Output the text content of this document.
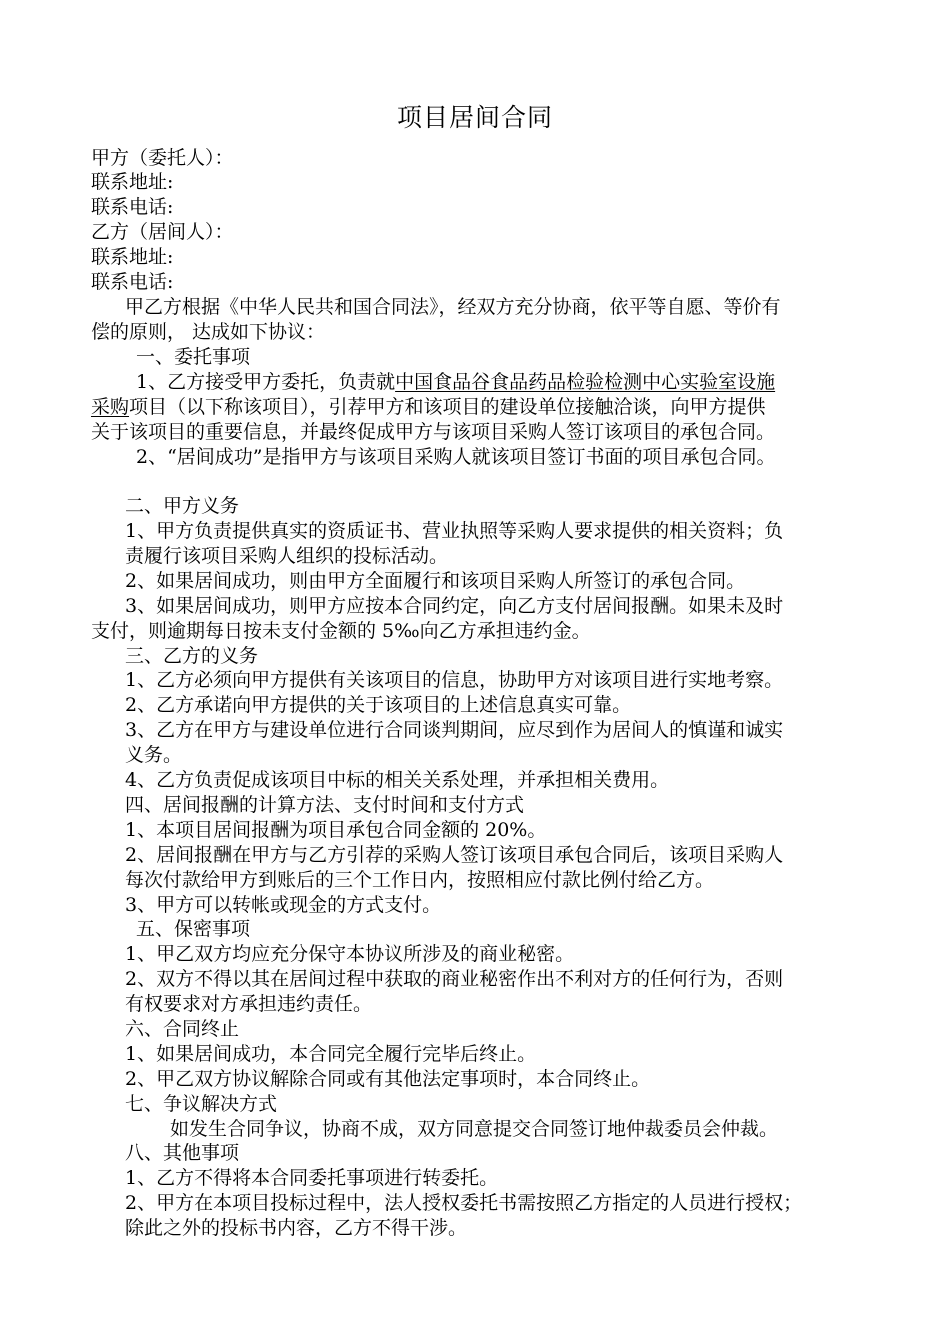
项目居间合同
甲方（委托人）：
联系地址:
联系电话:
乙方（居间人）：
联系地址:
联系电话:
甲乙方根据《中华人民共和国合同法》，经双方充分协商，依平等自愿、等价有
偿的原则， 达成如下协议：
一、委托事项
1、乙方接受甲方委托，负责就中国食品谷食品药品检验检测中心实验室设施
采购项目（以下称该项目），引荐甲方和该项目的建设单位接触洽谈，向甲方提供
关于该项目的重要信息，并最终促成甲方与该项目采购人签订该项目的承包合同。
2、“居间成功”是指甲方与该项目采购人就该项目签订书面的项目承包合同。
二、甲方义务
1、甲方负责提供真实的资质证书、营业执照等采购人要求提供的相关资料；负
责履行该项目采购人组织的投标活动。
2、如果居间成功，则由甲方全面履行和该项目采购人所签订的承包合同。
3、如果居间成功，则甲方应按本合同约定，向乙方支付居间报酬。如果未及时
支付，则逾期每日按未支付金额的 5‰向乙方承担违约金。
三、乙方的义务
1、乙方必须向甲方提供有关该项目的信息，协助甲方对该项目进行实地考察。
2、乙方承诺向甲方提供的关于该项目的上述信息真实可靠。
3、乙方在甲方与建设单位进行合同谈判期间，应尽到作为居间人的慎谨和诚实
义务。
4、乙方负责促成该项目中标的相关关系处理，并承担相关费用。
四、居间报酬的计算方法、支付时间和支付方式
1、本项目居间报酬为项目承包合同金额的 20%。
2、居间报酬在甲方与乙方引荐的采购人签订该项目承包合同后，该项目采购人
每次付款给甲方到账后的三个工作日内，按照相应付款比例付给乙方。
3、甲方可以转帐或现金的方式支付。
五、保密事项
1、甲乙双方均应充分保守本协议所涉及的商业秘密。
2、双方不得以其在居间过程中获取的商业秘密作出不利对方的任何行为，否则
有权要求对方承担违约责任。
六、合同终止
1、如果居间成功，本合同完全履行完毕后终止。
2、甲乙双方协议解除合同或有其他法定事项时，本合同终止。
七、争议解决方式
如发生合同争议，协商不成，双方同意提交合同签订地仲裁委员会仲裁。
八、其他事项
1、乙方不得将本合同委托事项进行转委托。
2、甲方在本项目投标过程中，法人授权委托书需按照乙方指定的人员进行授权；
除此之外的投标书内容，乙方不得干涉。
